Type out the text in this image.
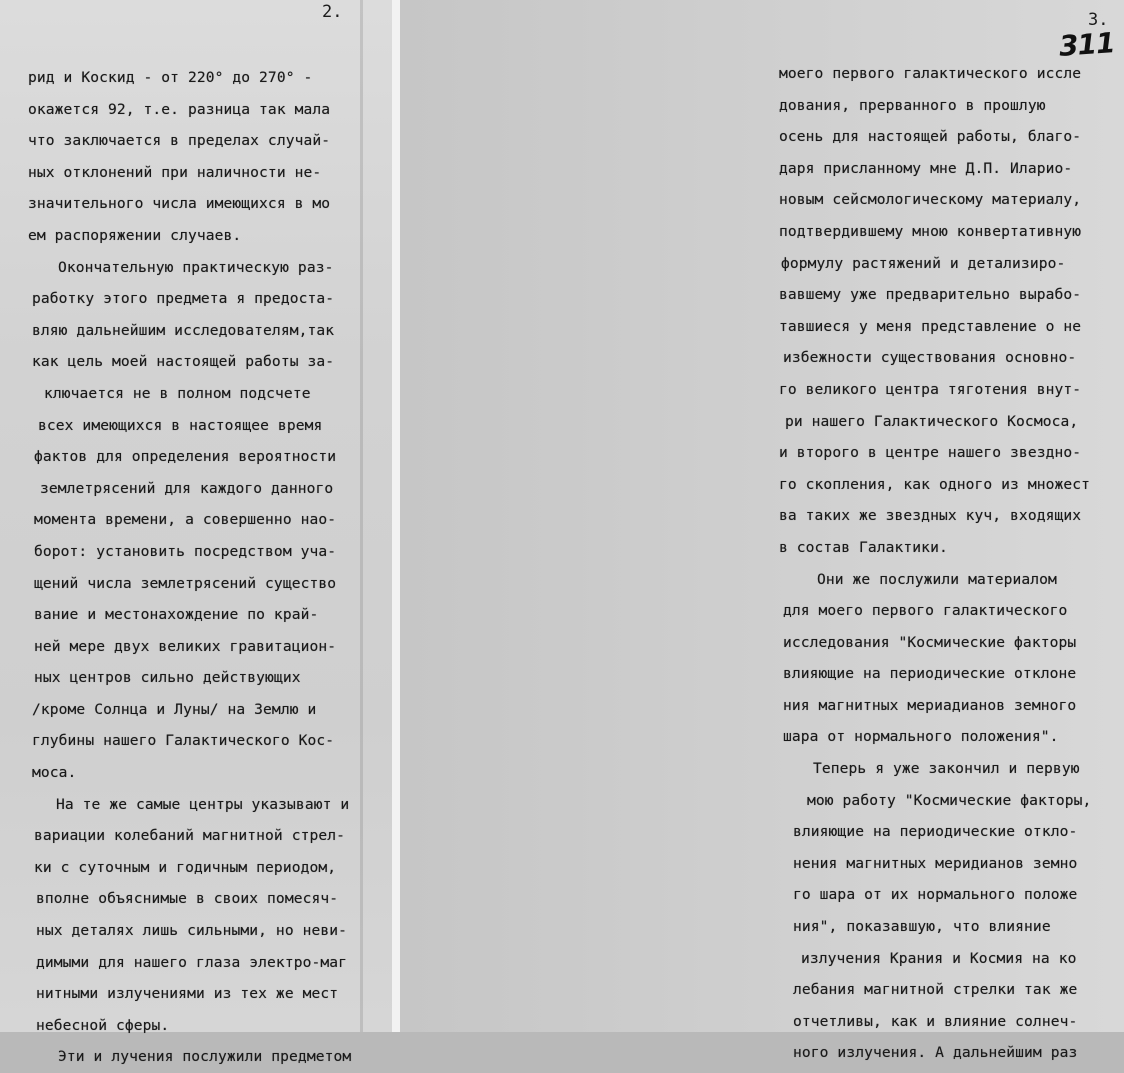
2.
рид и Коскид - от 220° до 270° -
окажется 92, т.е. разница так мала
что заключается в пределах случай-
ных отклонений при наличности не-
значительного числа имеющихся в мо
ем распоряжении случаев.
Окончательную практическую раз-
работку этого предмета я предоста-
вляю дальнейшим исследователям,так
как цель моей настоящей работы за-
ключается не в полном подсчете
всех имеющихся в настоящее время
фактов для определения вероятности
землетрясений для каждого данного
момента времени, а совершенно нао-
борот: установить посредством уча-
щений числа землетрясений существо
вание и местонахождение по край-
ней мере двух великих гравитацион-
ных центров сильно действующих
/кроме Солнца и Луны/ на Землю и
глубины нашего Галактического Кос-
моса.
На те же самые центры указывают и
вариации колебаний магнитной стрел-
ки с суточным и годичным периодом,
вполне объяснимые в своих помесяч-
ных деталях лишь сильными, но неви-
димыми для нашего глаза электро-маг
нитными излучениями из тех же мест
небесной сферы.
Эти и лучения послужили предметом
3.
311
моего первого галактического иссле
дования, прерванного в прошлую
осень для настоящей работы, благо-
даря присланному мне Д.П. Иларио-
новым сейсмологическому материалу,
подтвердившему мною конвертативную
формулу растяжений и детализиро-
вавшему уже предварительно вырабо-
тавшиеся у меня представление о не
избежности существования основно-
го великого центра тяготения внут-
ри нашего Галактического Космоса,
и второго в центре нашего звездно-
го скопления, как одного из множест
ва таких же звездных куч, входящих
в состав Галактики.
Они же послужили материалом
для моего первого галактического
исследования "Космические факторы
влияющие на периодические отклоне
ния магнитных мериадианов земного
шара от нормального положения".
Теперь я уже закончил и первую
мою работу "Космические факторы,
влияющие на периодические откло-
нения магнитных меридианов земно
го шара от их нормального положе
ния", показавшую, что влияние
излучения Крания и Космия на ко
лебания магнитной стрелки так же
отчетливы, как и влияние солнеч-
ного излучения. А дальнейшим раз
